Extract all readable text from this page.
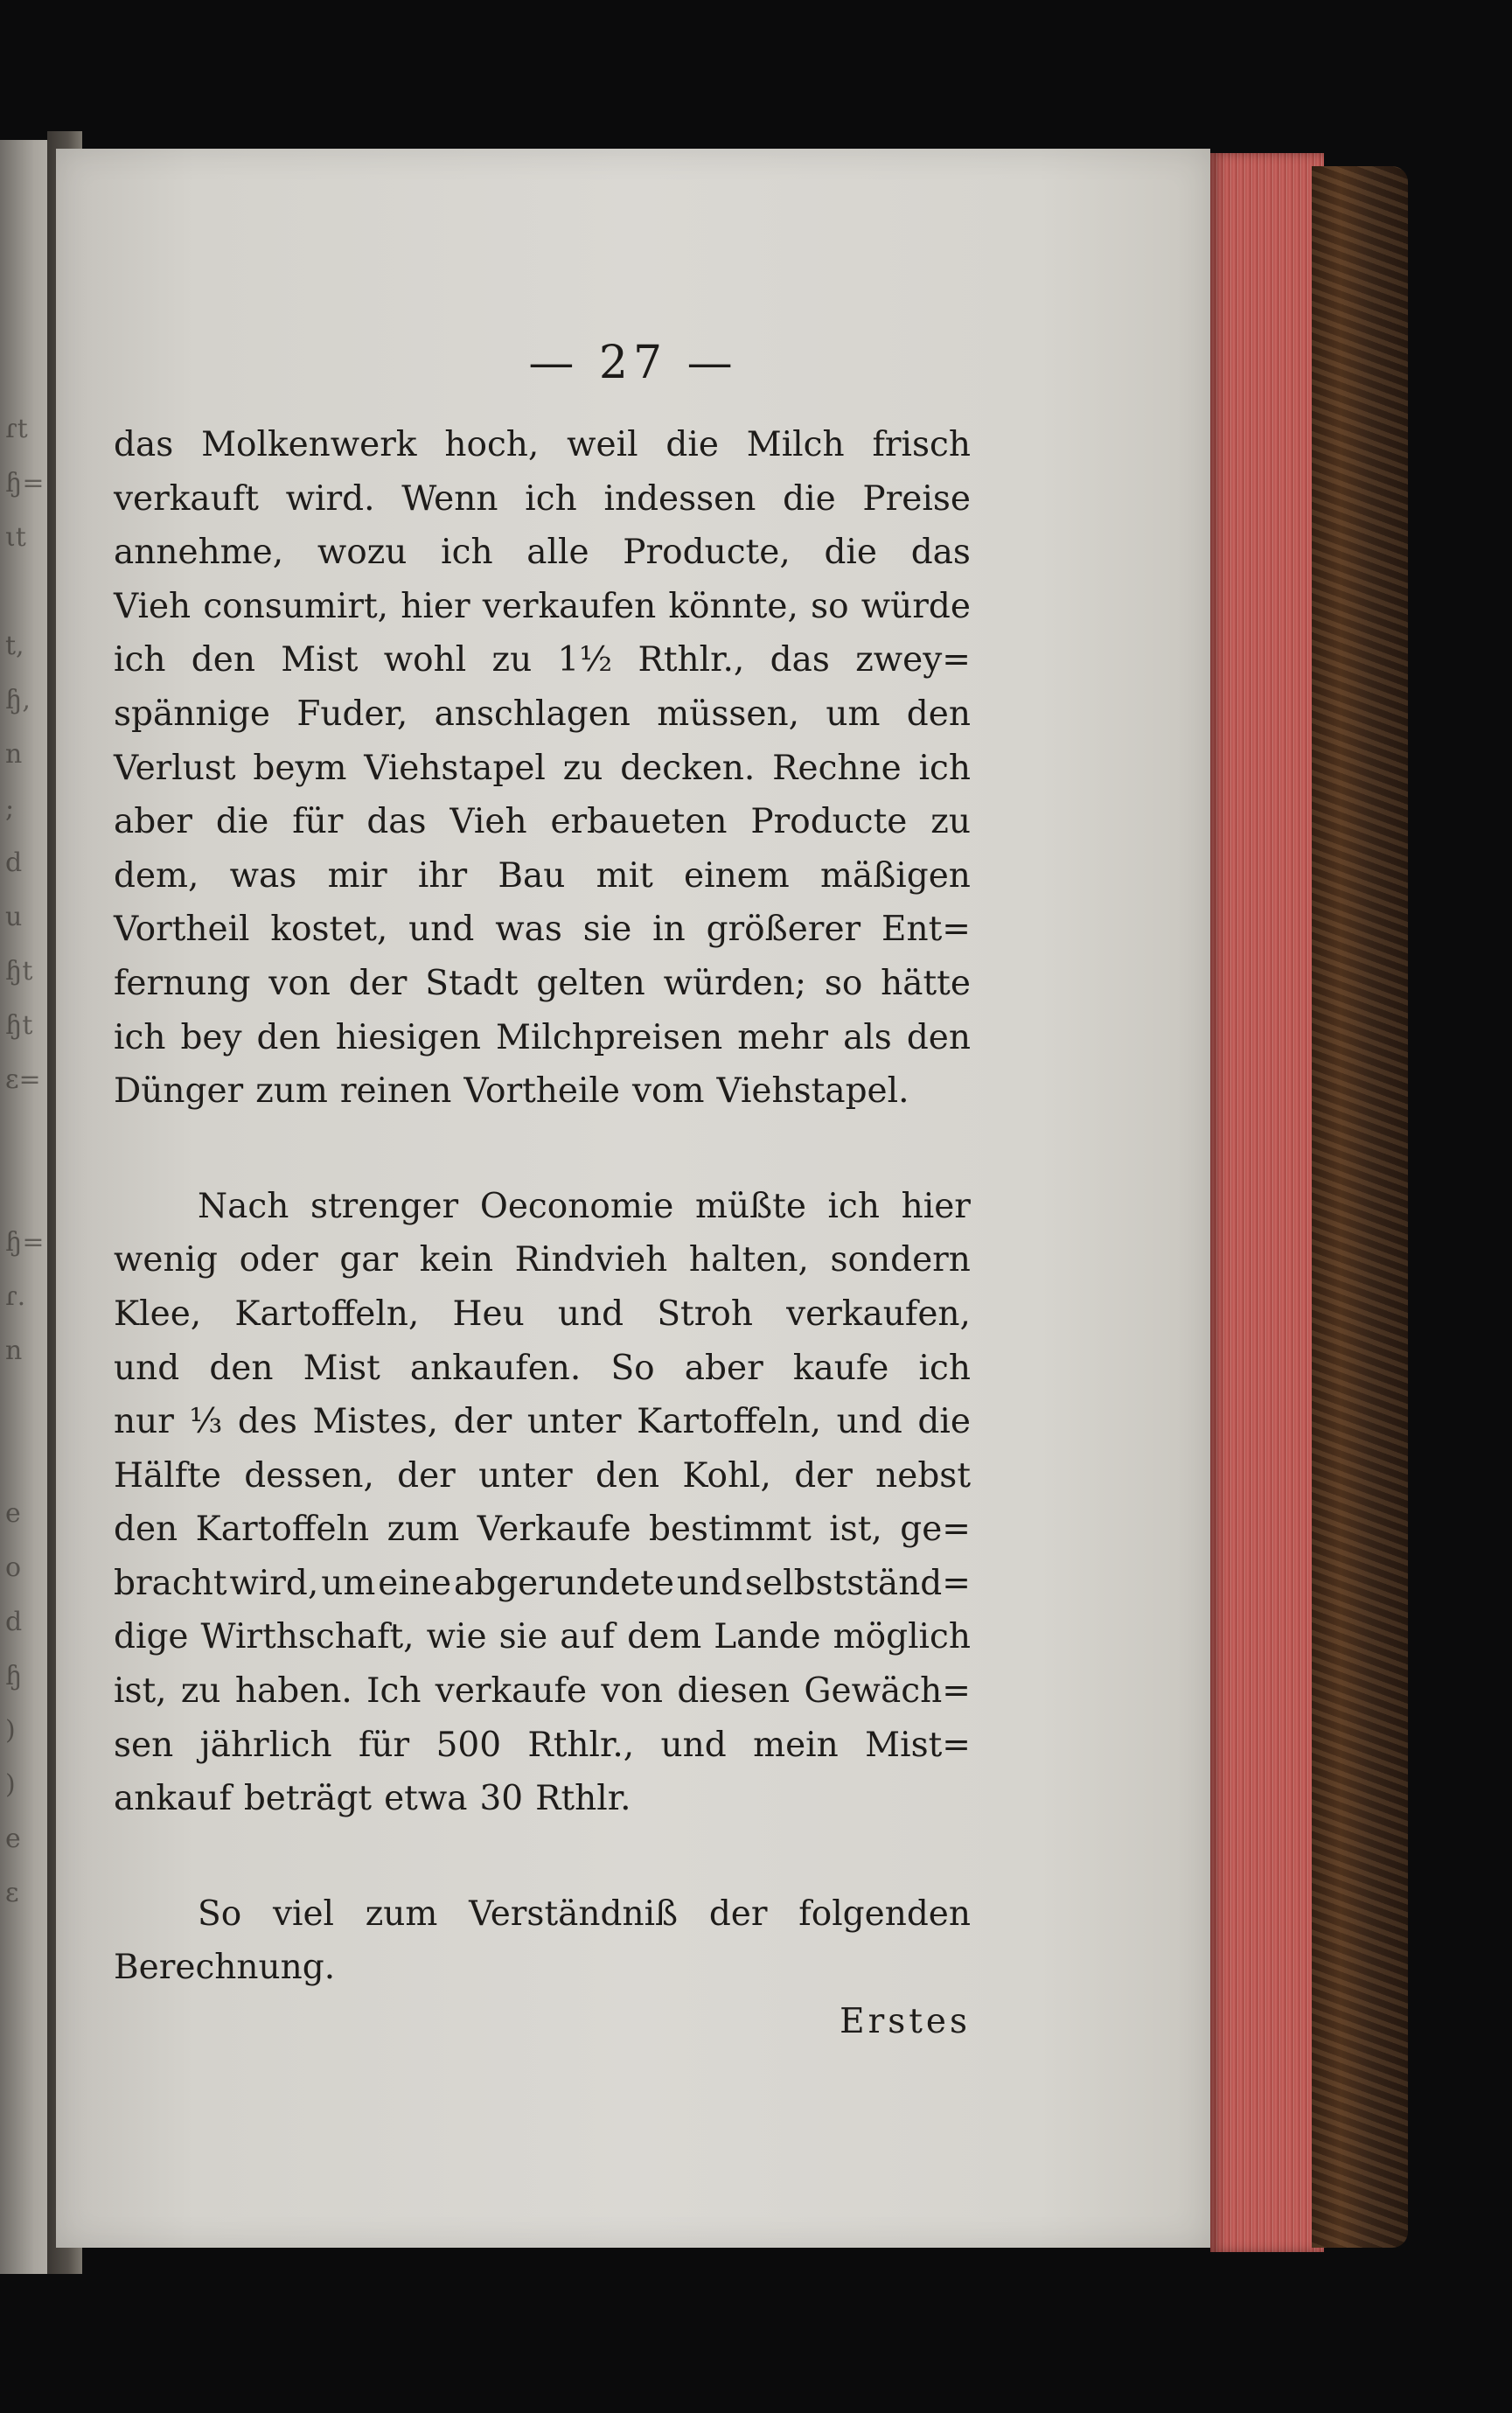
ɾt
ɧ=
ιt
t,
ɧ,
n
;
d
u
ɧt
ɧt
ɛ=
ɧ=
ɾ.
n
e
o
d
ɧ
)
)
e
ɛ
— 27 —
das Molkenwerk hoch, weil die Milch frisch
verkauft wird. Wenn ich indessen die Preise
annehme, wozu ich alle Producte, die das
Vieh consumirt, hier verkaufen könnte, so würde
ich den Mist wohl zu 1½ Rthlr., das zwey=
spännige Fuder, anschlagen müssen, um den
Verlust beym Viehstapel zu decken. Rechne ich
aber die für das Vieh erbaueten Producte zu
dem, was mir ihr Bau mit einem mäßigen
Vortheil kostet, und was sie in größerer Ent=
fernung von der Stadt gelten würden; so hätte
ich bey den hiesigen Milchpreisen mehr als den
Dünger zum reinen Vortheile vom Viehstapel.
Nach strenger Oeconomie müßte ich hier
wenig oder gar kein Rindvieh halten, sondern
Klee, Kartoffeln, Heu und Stroh verkaufen,
und den Mist ankaufen. So aber kaufe ich
nur ⅓ des Mistes, der unter Kartoffeln, und die
Hälfte dessen, der unter den Kohl, der nebst
den Kartoffeln zum Verkaufe bestimmt ist, ge=
bracht wird, um eine abgerundete und selbstständ=
dige Wirthschaft, wie sie auf dem Lande möglich
ist, zu haben. Ich verkaufe von diesen Gewäch=
sen jährlich für 500 Rthlr., und mein Mist=
ankauf beträgt etwa 30 Rthlr.
So viel zum Verständniß der folgenden
Berechnung.
Erstes
